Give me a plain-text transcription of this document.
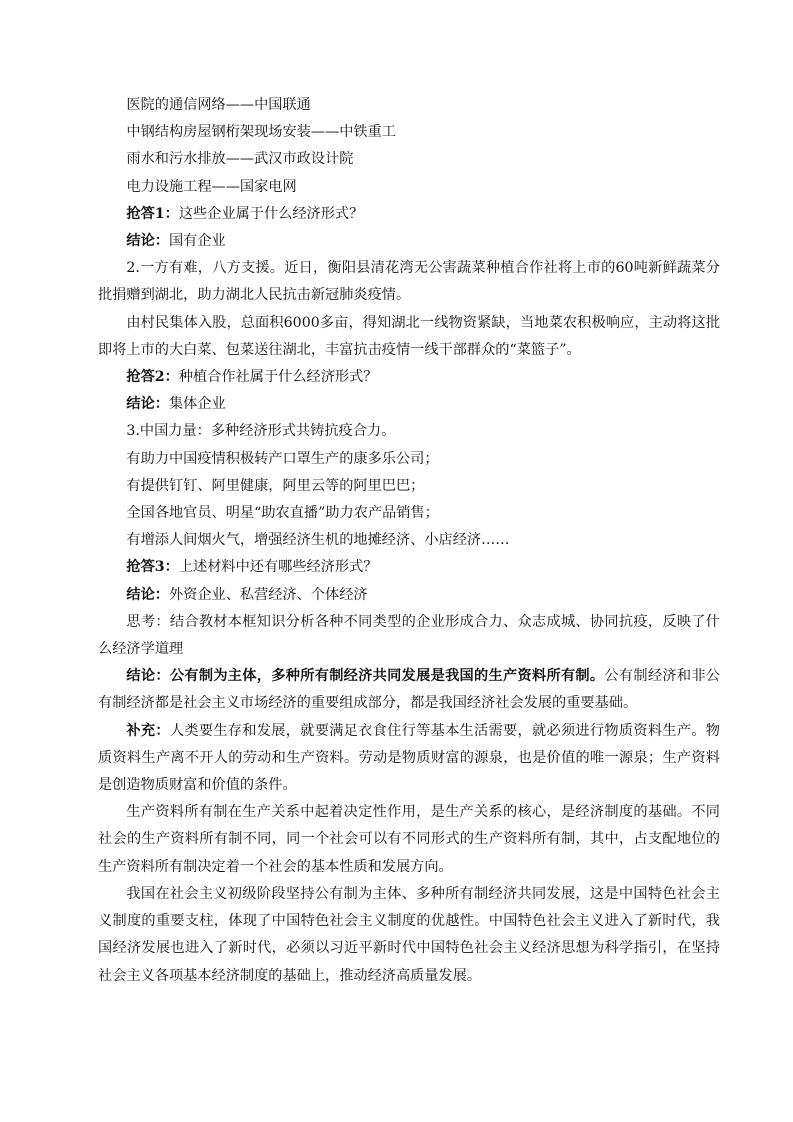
医院的通信网络——中国联通
中钢结构房屋钢桁架现场安装——中铁重工
雨水和污水排放——武汉市政设计院
电力设施工程——国家电网
抢答1：这些企业属于什么经济形式？
结论：国有企业

2.一方有难，八方支援。近日，衡阳县清花湾无公害蔬菜种植合作社将上市的60吨新鲜蔬菜分批捐赠到湖北，助力湖北人民抗击新冠肺炎疫情。

由村民集体入股，总面积6000多亩，得知湖北一线物资紧缺，当地菜农积极响应，主动将这批即将上市的大白菜、包菜送往湖北，丰富抗击疫情一线干部群众的“菜篮子”。

抢答2：种植合作社属于什么经济形式？
结论：集体企业
3.中国力量：多种经济形式共铸抗疫合力。
有助力中国疫情积极转产口罩生产的康多乐公司；
有提供钉钉、阿里健康，阿里云等的阿里巴巴；
全国各地官员、明星“助农直播”助力农产品销售；
有增添人间烟火气，增强经济生机的地摊经济、小店经济……
抢答3：上述材料中还有哪些经济形式？
结论：外资企业、私营经济、个体经济

思考：结合教材本框知识分析各种不同类型的企业形成合力、众志成城、协同抗疫，反映了什么经济学道理

结论：公有制为主体，多种所有制经济共同发展是我国的生产资料所有制。公有制经济和非公有制经济都是社会主义市场经济的重要组成部分，都是我国经济社会发展的重要基础。

补充：人类要生存和发展，就要满足衣食住行等基本生活需要，就必须进行物质资料生产。物质资料生产离不开人的劳动和生产资料。劳动是物质财富的源泉，也是价值的唯一源泉；生产资料是创造物质财富和价值的条件。

生产资料所有制在生产关系中起着决定性作用，是生产关系的核心，是经济制度的基础。不同社会的生产资料所有制不同，同一个社会可以有不同形式的生产资料所有制，其中，占支配地位的生产资料所有制决定着一个社会的基本性质和发展方向。

我国在社会主义初级阶段坚持公有制为主体、多种所有制经济共同发展，这是中国特色社会主义制度的重要支柱，体现了中国特色社会主义制度的优越性。中国特色社会主义进入了新时代，我国经济发展也进入了新时代，必须以习近平新时代中国特色社会主义经济思想为科学指引，在坚持社会主义各项基本经济制度的基础上，推动经济高质量发展。
